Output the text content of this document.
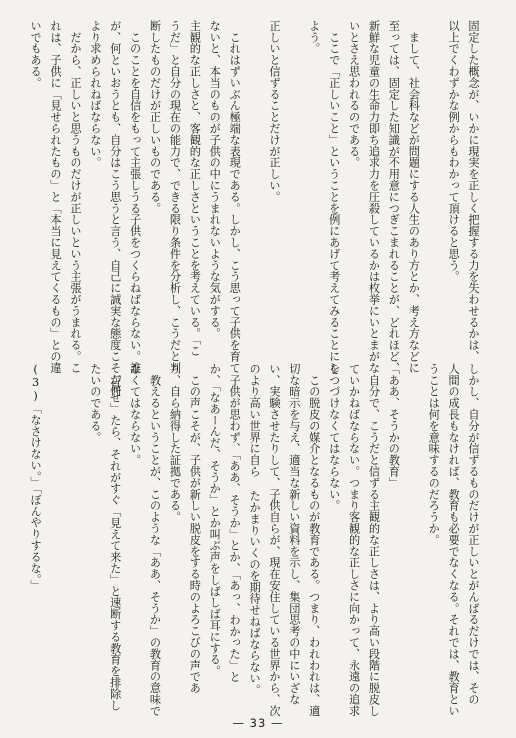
固定した概念が、いかに現実を正しく把握する力を失わせるかは、
以上でくわずかな例からもわかって頂けると思う。
　まして、社会科などが問題にする人生のあり方とか、考え方などに
至っては、固定した知識が不用意につぎこまれることが、どれほど、
新鮮な児童の生命力即ち追求力を圧殺しているかは枚挙にいとまがな
いとさえ思われるのである。
　ここで「正しいこと」ということを例にあげて考えてみることにし
よう。
正しいと信ずることだけが正しい。
　これはずいぶん極端な表現である。しかし、こう思って子供を育て
ないと、本当のものが子供の中にうまれないような気がする。
主観的な正しさと、客観的な正しさということを考えている。「こ
うだ」と自分の現在の能力で、できる限り条件を分析し、こうだと判
断したものだけが正しいものである。
　このことを自信をもって主張しうる子供をつくらねばならない。誰
が、何といおうとも、自分はこう思うと言う、自己に誠実な態度こそが何
より求められねばならない。
　だから、正しいと思うものだけが正しいという主張がうまれる。こ
れは、子供に「見せられたもの」と「本当に見えてくるもの」との違
いでもある。
しかし、自分が信ずるものだけが正しいとがんばるだけでは、その
人間の成長もなければ、教育も必要でなくなる。それでは、教育とい
うことは何を意味するのだろうか。
「ああ、そうかの教育」
　自分で、こうだと信ずる主観的な正しさは、より高い段階に脱皮し
ていかねばならない。つまり客観的な正しさに向かって、永遠の追求
をつづけなくてはならない。
　この脱皮の媒介となるものが教育である。つまり、われわれは、適
切な暗示を与え、適当な新しい資料を示し、集団思考の中にいざな
い、実験させたりして、子供自らが、現在安住している世界から、次
のより高い世界に自ら たかまりいくのを期待せねばならない。
　子供が思わず、「ああ、そうか」とか、「あっ、わかった」と
か、「なあーんだ、そうか」とか叫ぶ声をしばしば耳にする。
　この声こそが、子供が新しい脱皮をする時のよろこびの声であ
り、自ら納得した証拠である。
　教えるということが、このような「ああ、そうか」の教育の意味で
なくてはならない。
　「見せ」たら、それがすぐ「見えて来た」と速断する教育を排除し
たいのである。
(3)「なさけない。」「ぼんやりするな。」
— 33 —
